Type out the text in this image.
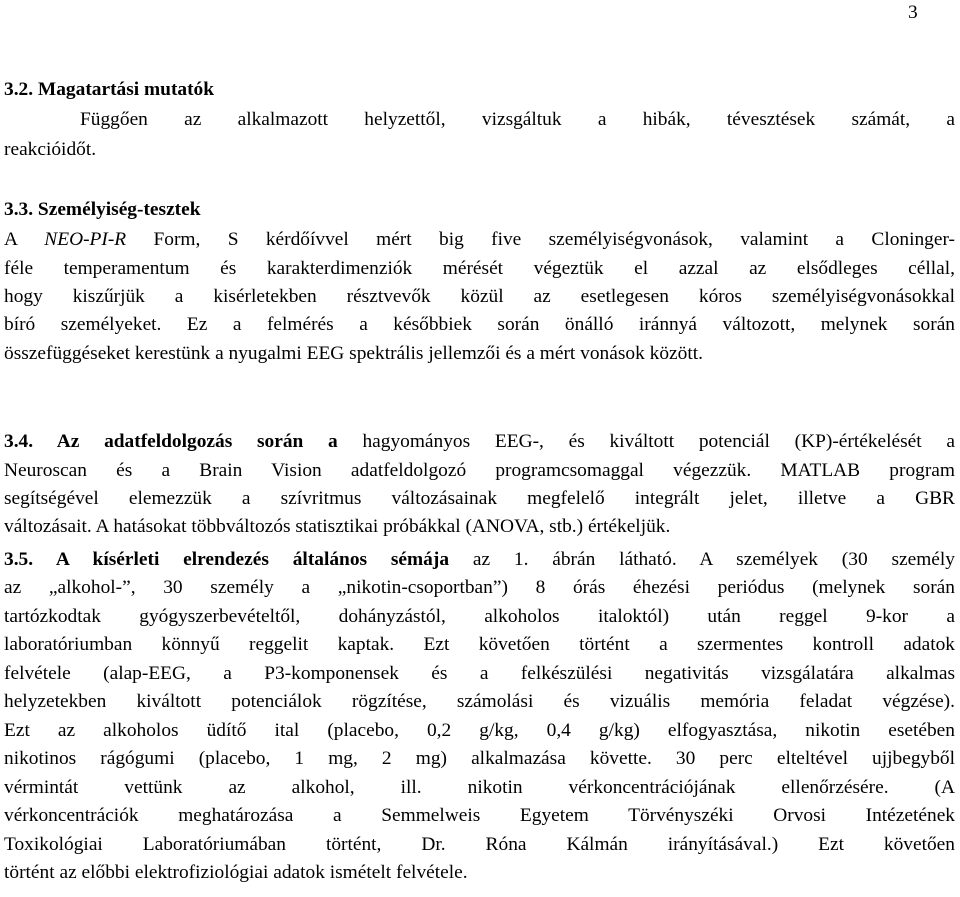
3
3.2. Magatartási mutatók
Függően az alkalmazott helyzettől, vizsgáltuk a hibák, tévesztések számát, a
reakcióidőt.
3.3. Személyiség-tesztek
A NEO-PI-R Form, S kérdőívvel mért big five személyiségvonások, valamint a Cloninger-
féle temperamentum és karakterdimenziók mérését végeztük el azzal az elsődleges céllal,
hogy kiszűrjük a kisérletekben résztvevők közül az esetlegesen kóros személyiségvonásokkal
bíró személyeket. Ez a felmérés a későbbiek során önálló iránnyá változott, melynek során
összefüggéseket kerestünk a nyugalmi EEG spektrális jellemzői és a mért vonások között.
3.4. Az adatfeldolgozás során a hagyományos EEG-, és kiváltott potenciál (KP)-értékelését a
Neuroscan és a Brain Vision adatfeldolgozó programcsomaggal végezzük. MATLAB program
segítségével elemezzük a szívritmus változásainak megfelelő integrált jelet, illetve a GBR
változásait. A hatásokat többváltozós statisztikai próbákkal (ANOVA, stb.) értékeljük.
3.5. A kísérleti elrendezés általános sémája az 1. ábrán látható. A személyek (30 személy
az „alkohol-”, 30 személy a „nikotin-csoportban”) 8 órás éhezési periódus (melynek során
tartózkodtak gyógyszerbevételtől, dohányzástól, alkoholos italoktól) után reggel 9-kor a
laboratóriumban könnyű reggelit kaptak. Ezt követően történt a szermentes kontroll adatok
felvétele (alap-EEG, a P3-komponensek és a felkészülési negativitás vizsgálatára alkalmas
helyzetekben kiváltott potenciálok rögzítése, számolási és vizuális memória feladat végzése).
Ezt az alkoholos üdítő ital (placebo, 0,2 g/kg, 0,4 g/kg) elfogyasztása, nikotin esetében
nikotinos rágógumi (placebo, 1 mg, 2 mg) alkalmazása követte. 30 perc elteltével ujjbegyből
vérmintát vettünk az alkohol, ill. nikotin vérkoncentrációjának ellenőrzésére. (A
vérkoncentrációk meghatározása a Semmelweis Egyetem Törvényszéki Orvosi Intézetének
Toxikológiai Laboratóriumában történt, Dr. Róna Kálmán irányításával.) Ezt követően
történt az előbbi elektrofiziológiai adatok ismételt felvétele.
